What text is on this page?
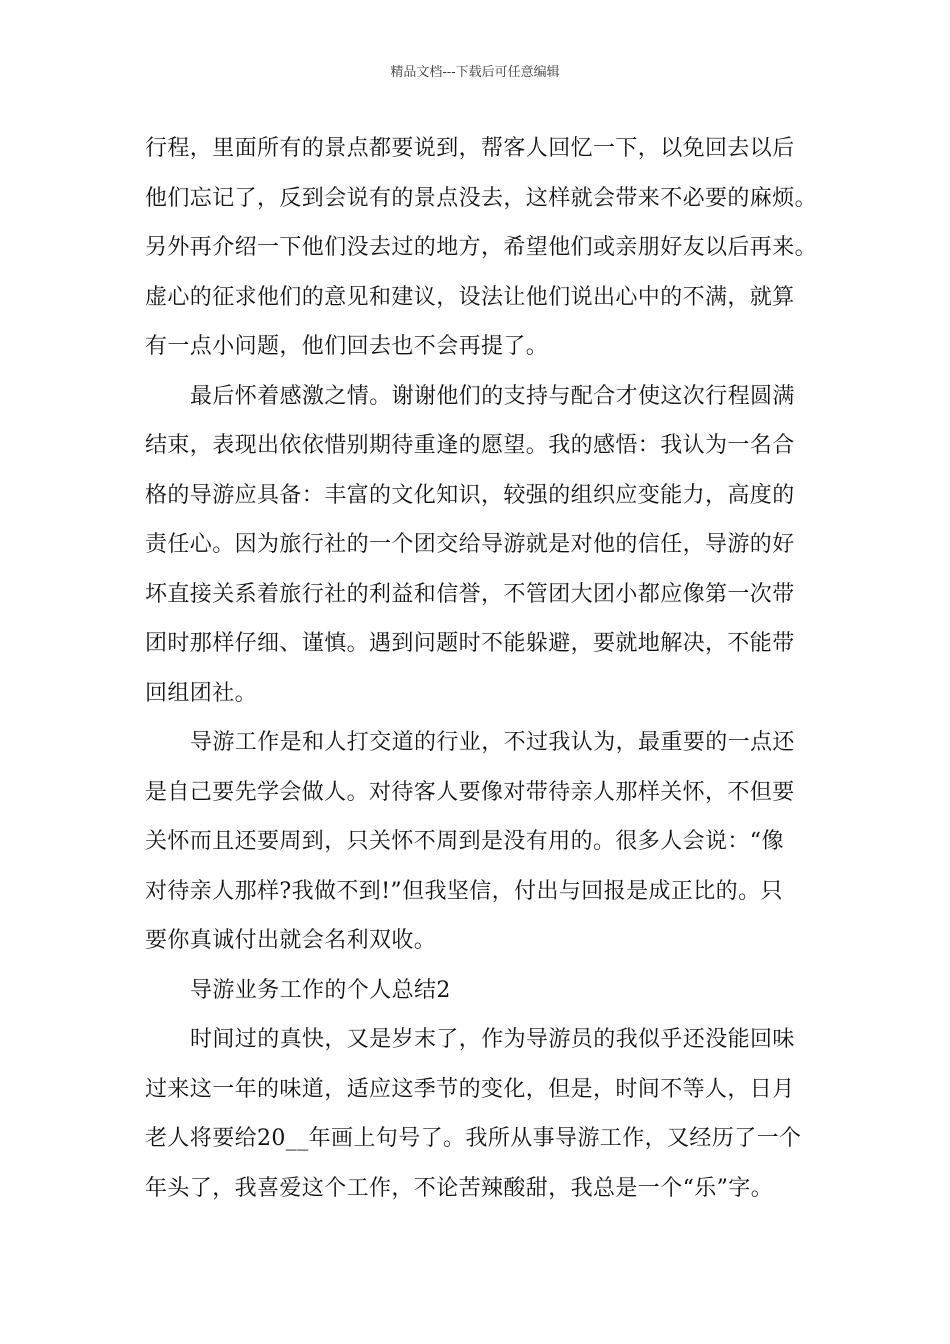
精品文档---下载后可任意编辑
行程，里面所有的景点都要说到，帮客人回忆一下，以免回去以后
他们忘记了，反到会说有的景点没去，这样就会带来不必要的麻烦。
另外再介绍一下他们没去过的地方，希望他们或亲朋好友以后再来。
虚心的征求他们的意见和建议，设法让他们说出心中的不满，就算
有一点小问题，他们回去也不会再提了。
最后怀着感激之情。谢谢他们的支持与配合才使这次行程圆满
结束，表现出依依惜别期待重逢的愿望。我的感悟：我认为一名合
格的导游应具备：丰富的文化知识，较强的组织应变能力，高度的
责任心。因为旅行社的一个团交给导游就是对他的信任，导游的好
坏直接关系着旅行社的利益和信誉，不管团大团小都应像第一次带
团时那样仔细、谨慎。遇到问题时不能躲避，要就地解决，不能带
回组团社。
导游工作是和人打交道的行业，不过我认为，最重要的一点还
是自己要先学会做人。对待客人要像对带待亲人那样关怀，不但要
关怀而且还要周到，只关怀不周到是没有用的。很多人会说：“像
对待亲人那样?我做不到!”但我坚信，付出与回报是成正比的。只
要你真诚付出就会名利双收。
导游业务工作的个人总结2
时间过的真快，又是岁末了，作为导游员的我似乎还没能回味
过来这一年的味道，适应这季节的变化，但是，时间不等人，日月
老人将要给20__年画上句号了。我所从事导游工作，又经历了一个
年头了，我喜爱这个工作，不论苦辣酸甜，我总是一个“乐”字。
